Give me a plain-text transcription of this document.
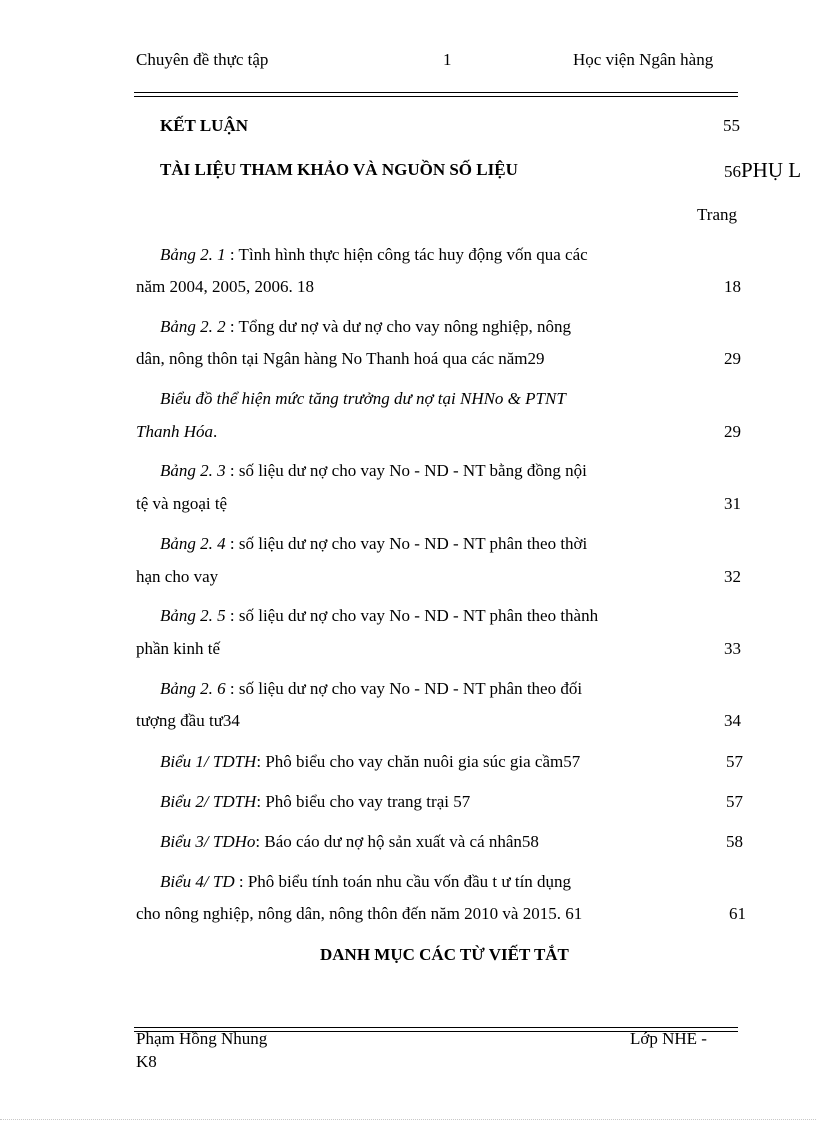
Chuyên đề thực tập	1	Học viện Ngân hàng
KẾT LUẬN	55
TÀI LIỆU THAM KHẢO VÀ NGUỒN SỐ LIỆU	56PHỤ L
Trang
Bảng 2. 1 : Tình hình thực hiện công tác huy động vốn qua các
năm 2004, 2005, 2006. 18	18
Bảng 2. 2 : Tổng dư nợ và dư nợ cho vay nông nghiệp, nông
dân, nông thôn tại Ngân hàng No Thanh hoá qua các năm29	29
Biểu đồ thể hiện mức tăng trưởng dư nợ tại NHNo & PTNT
Thanh Hóa.	29
Bảng 2. 3 : số liệu dư nợ cho vay No - ND - NT bằng đồng nội
tệ và ngoại tệ	31
Bảng 2. 4 : số liệu dư nợ cho vay No - ND - NT phân theo thời
hạn cho vay	32
Bảng 2. 5 : số liệu dư nợ cho vay No - ND - NT phân theo thành
phần kinh tế	33
Bảng 2. 6 : số liệu dư nợ cho vay No - ND - NT phân theo đối
tượng đầu tư34	34
Biểu 1/ TDTH: Phô biểu cho vay chăn nuôi gia súc gia cầm57	57
Biểu 2/ TDTH: Phô biểu cho vay trang trại 57	57
Biểu 3/ TDHo: Báo cáo dư nợ hộ sản xuất và cá nhân58	58
Biểu 4/ TD : Phô biểu tính toán nhu cầu vốn đầu t ư tín dụng
cho nông nghiệp, nông dân, nông thôn đến năm 2010 và 2015. 61	61
DANH MỤC CÁC TỪ VIẾT TẮT
Phạm Hồng Nhung	Lớp NHE -
K8
